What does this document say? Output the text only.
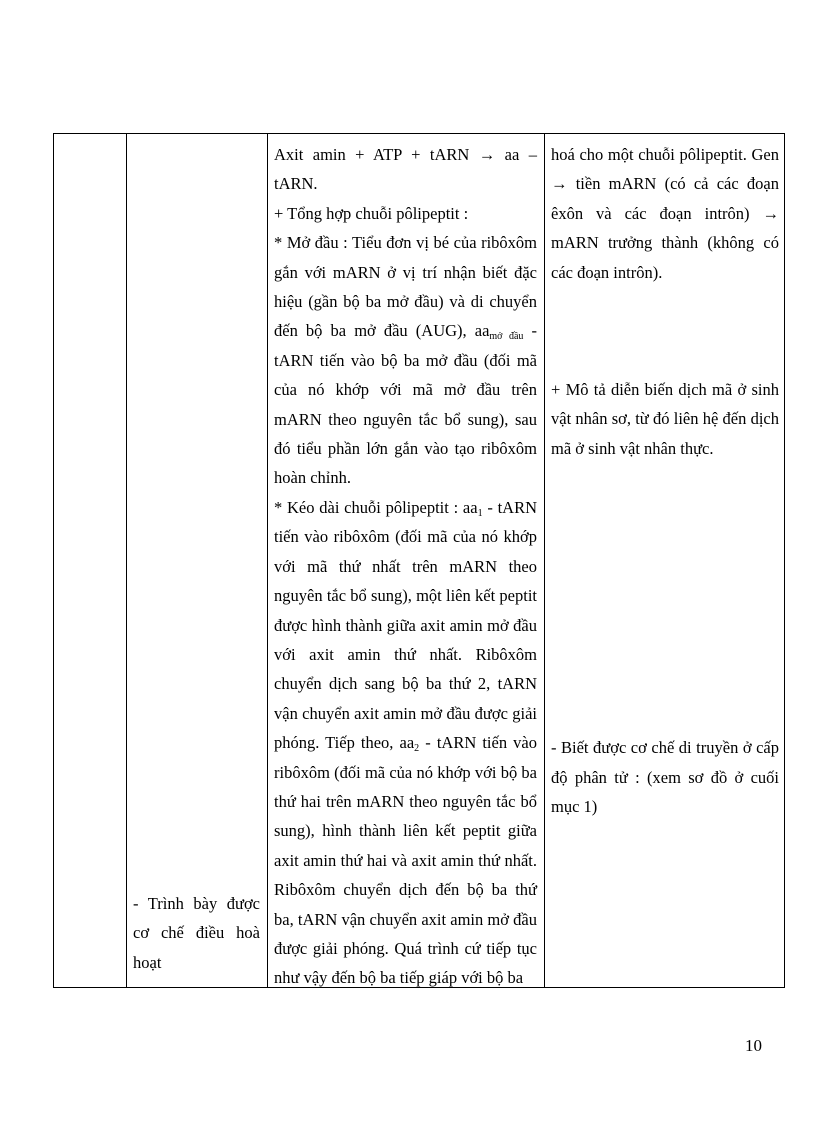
- Trình bày được cơ chế điều hoà hoạt

Axit amin + ATP + tARN → aa – tARN.

+ Tổng hợp chuỗi pôlipeptit :

* Mở đầu : Tiểu đơn vị bé của ribôxôm gắn với mARN ở vị trí nhận biết đặc hiệu (gần bộ ba mở đầu) và di chuyển đến bộ ba mở đầu (AUG), $aa_{mở đầu}$ - tARN tiến vào bộ ba mở đầu (đối mã của nó khớp với mã mở đầu trên mARN theo nguyên tắc bổ sung), sau đó tiểu phần lớn gắn vào tạo ribôxôm hoàn chỉnh.

* Kéo dài chuỗi pôlipeptit : $aa_1$ - tARN tiến vào ribôxôm (đối mã của nó khớp với mã thứ nhất trên mARN theo nguyên tắc bổ sung), một liên kết peptit được hình thành giữa axit amin mở đầu với axit amin thứ nhất. Ribôxôm chuyển dịch sang bộ ba thứ 2, tARN vận chuyển axit amin mở đầu được giải phóng. Tiếp theo, $aa_2$ - tARN tiến vào ribôxôm (đối mã của nó khớp với bộ ba thứ hai trên mARN theo nguyên tắc bổ sung), hình thành liên kết peptit giữa axit amin thứ hai và axit amin thứ nhất. Ribôxôm chuyển dịch đến bộ ba thứ ba, tARN vận chuyển axit amin mở đầu được giải phóng. Quá trình cứ tiếp tục như vậy đến bộ ba tiếp giáp với bộ ba

hoá cho một chuỗi pôlipeptit. Gen → tiền mARN (có cả các đoạn êxôn và các đoạn intrôn) → mARN trưởng thành (không có các đoạn intrôn).

+ Mô tả diễn biến dịch mã ở sinh vật nhân sơ, từ đó liên hệ đến dịch mã ở sinh vật nhân thực.

- Biết được cơ chế di truyền ở cấp độ phân tử : (xem sơ đồ ở cuối mục 1)

10
